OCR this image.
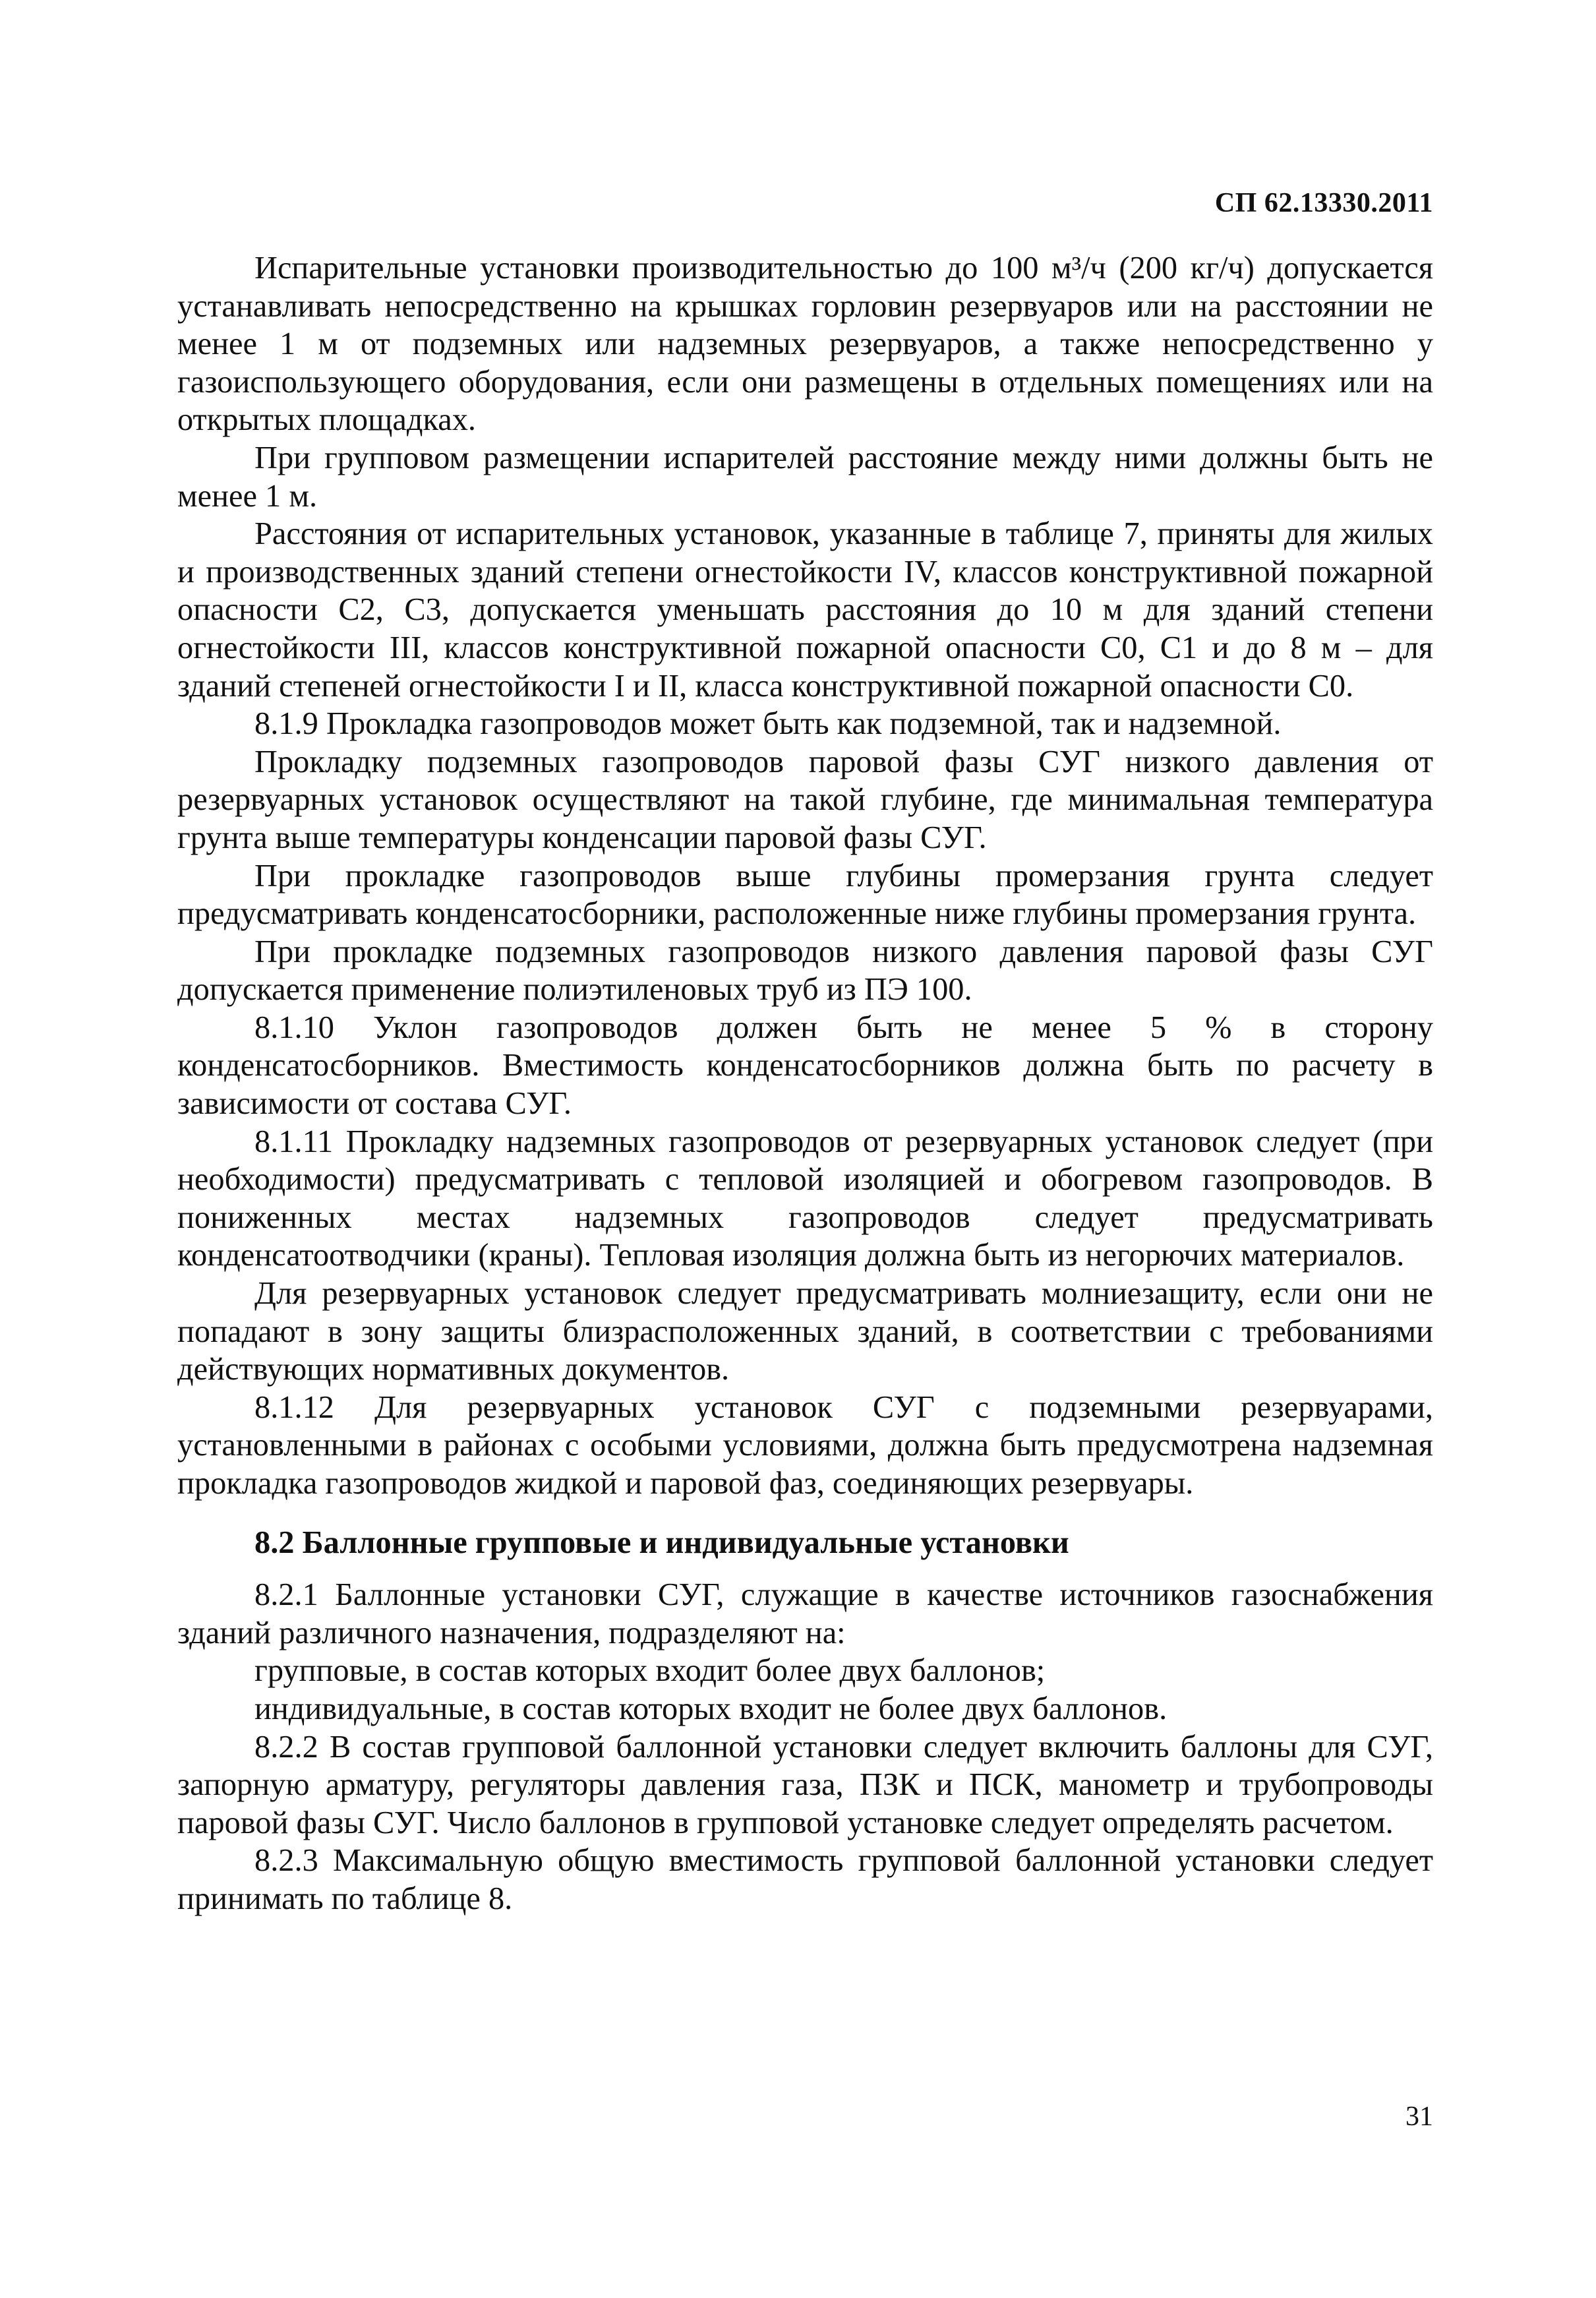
СП 62.13330.2011

Испарительные установки производительностью до 100 м³/ч (200 кг/ч) допускается устанавливать непосредственно на крышках горловин резервуаров или на расстоянии не менее 1 м от подземных или надземных резервуаров, а также непосредственно у газоиспользующего оборудования, если они размещены в отдельных помещениях или на открытых площадках.

При групповом размещении испарителей расстояние между ними должны быть не менее 1 м.

Расстояния от испарительных установок, указанные в таблице 7, приняты для жилых и производственных зданий степени огнестойкости IV, классов конструктивной пожарной опасности С2, С3, допускается уменьшать расстояния до 10 м для зданий степени огнестойкости III, классов конструктивной пожарной опасности С0, С1 и до 8 м – для зданий степеней огнестойкости I и II, класса конструктивной пожарной опасности С0.

8.1.9 Прокладка газопроводов может быть как подземной, так и надземной.

Прокладку подземных газопроводов паровой фазы СУГ низкого давления от резервуарных установок осуществляют на такой глубине, где минимальная температура грунта выше температуры конденсации паровой фазы СУГ.

При прокладке газопроводов выше глубины промерзания грунта следует предусматривать конденсатосборники, расположенные ниже глубины промерзания грунта.

При прокладке подземных газопроводов низкого давления паровой фазы СУГ допускается применение полиэтиленовых труб из ПЭ 100.

8.1.10 Уклон газопроводов должен быть не менее 5 % в сторону конденсатосборников. Вместимость конденсатосборников должна быть по расчету в зависимости от состава СУГ.

8.1.11 Прокладку надземных газопроводов от резервуарных установок следует (при необходимости) предусматривать с тепловой изоляцией и обогревом газопроводов. В пониженных местах надземных газопроводов следует предусматривать конденсатоотводчики (краны). Тепловая изоляция должна быть из негорючих материалов.

Для резервуарных установок следует предусматривать молниезащиту, если они не попадают в зону защиты близрасположенных зданий, в соответствии с требованиями действующих нормативных документов.

8.1.12 Для резервуарных установок СУГ с подземными резервуарами, установленными в районах с особыми условиями, должна быть предусмотрена надземная прокладка газопроводов жидкой и паровой фаз, соединяющих резервуары.

8.2 Баллонные групповые и индивидуальные установки

8.2.1 Баллонные установки СУГ, служащие в качестве источников газоснабжения зданий различного назначения, подразделяют на:

групповые, в состав которых входит более двух баллонов;

индивидуальные, в состав которых входит не более двух баллонов.

8.2.2 В состав групповой баллонной установки следует включить баллоны для СУГ, запорную арматуру, регуляторы давления газа, ПЗК и ПСК, манометр и трубопроводы паровой фазы СУГ. Число баллонов в групповой установке следует определять расчетом.

8.2.3 Максимальную общую вместимость групповой баллонной установки следует принимать по таблице 8.

31
